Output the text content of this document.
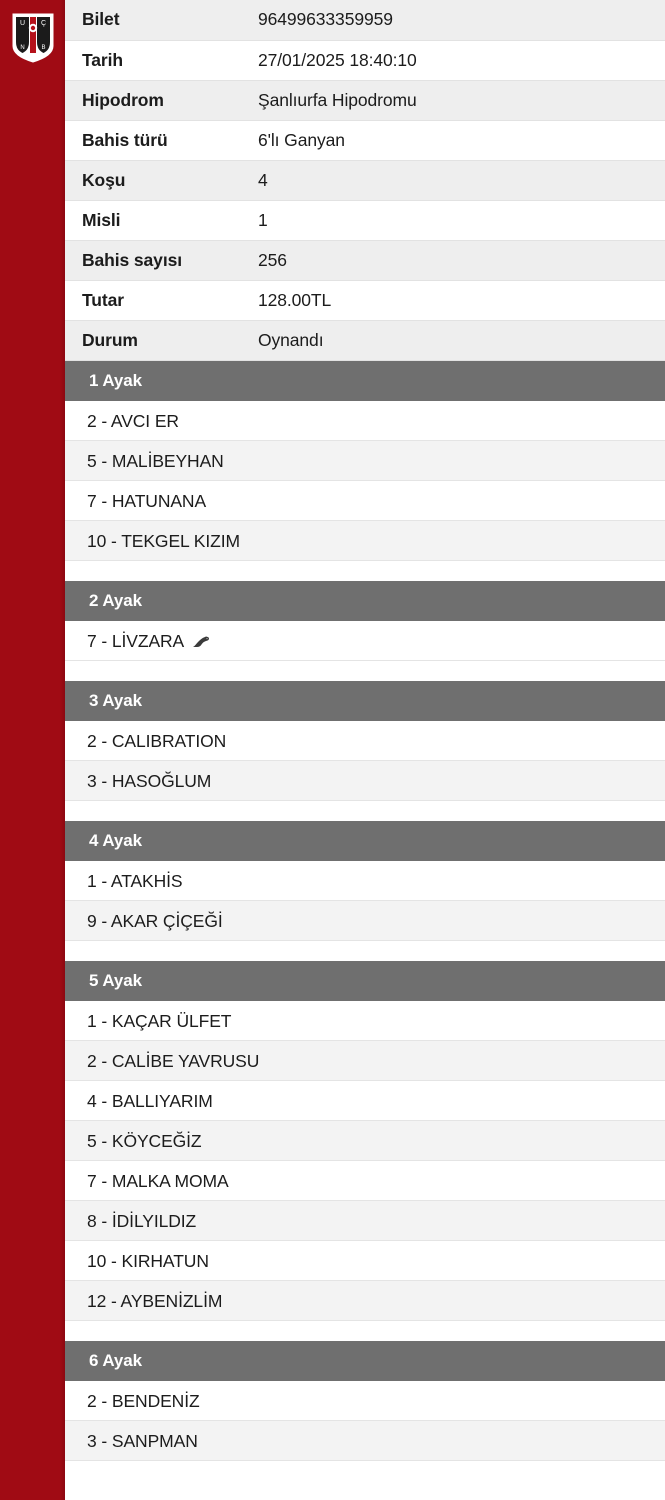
U Ç
N	B
Bilet	96499633359959
Tarih	27/01/2025 18:40:10
Hipodrom	Şanlıurfa Hipodromu
Bahis türü	6'lı Ganyan
Koşu	4
Misli	1
Bahis sayısı	256
Tutar	128.00TL
Durum	Oynandı
1 Ayak
2 - AVCI ER
5 - MALİBEYHAN
7 - HATUNANA
10 - TEKGEL KIZIM
2 Ayak
7 - LİVZARA
3 Ayak
2 - CALIBRATION
3 - HASOĞLUM
4 Ayak
1 - ATAKHİS
9 - AKAR ÇİÇEĞİ
5 Ayak
1 - KAÇAR ÜLFET
2 - CALİBE YAVRUSU
4 - BALLIYARIM
5 - KÖYCEĞİZ
7 - MALKA MOMA
8 - İDİLYILDIZ
10 - KIRHATUN
12 - AYBENİZLİM
6 Ayak
2 - BENDENİZ
3 - SANPMAN
